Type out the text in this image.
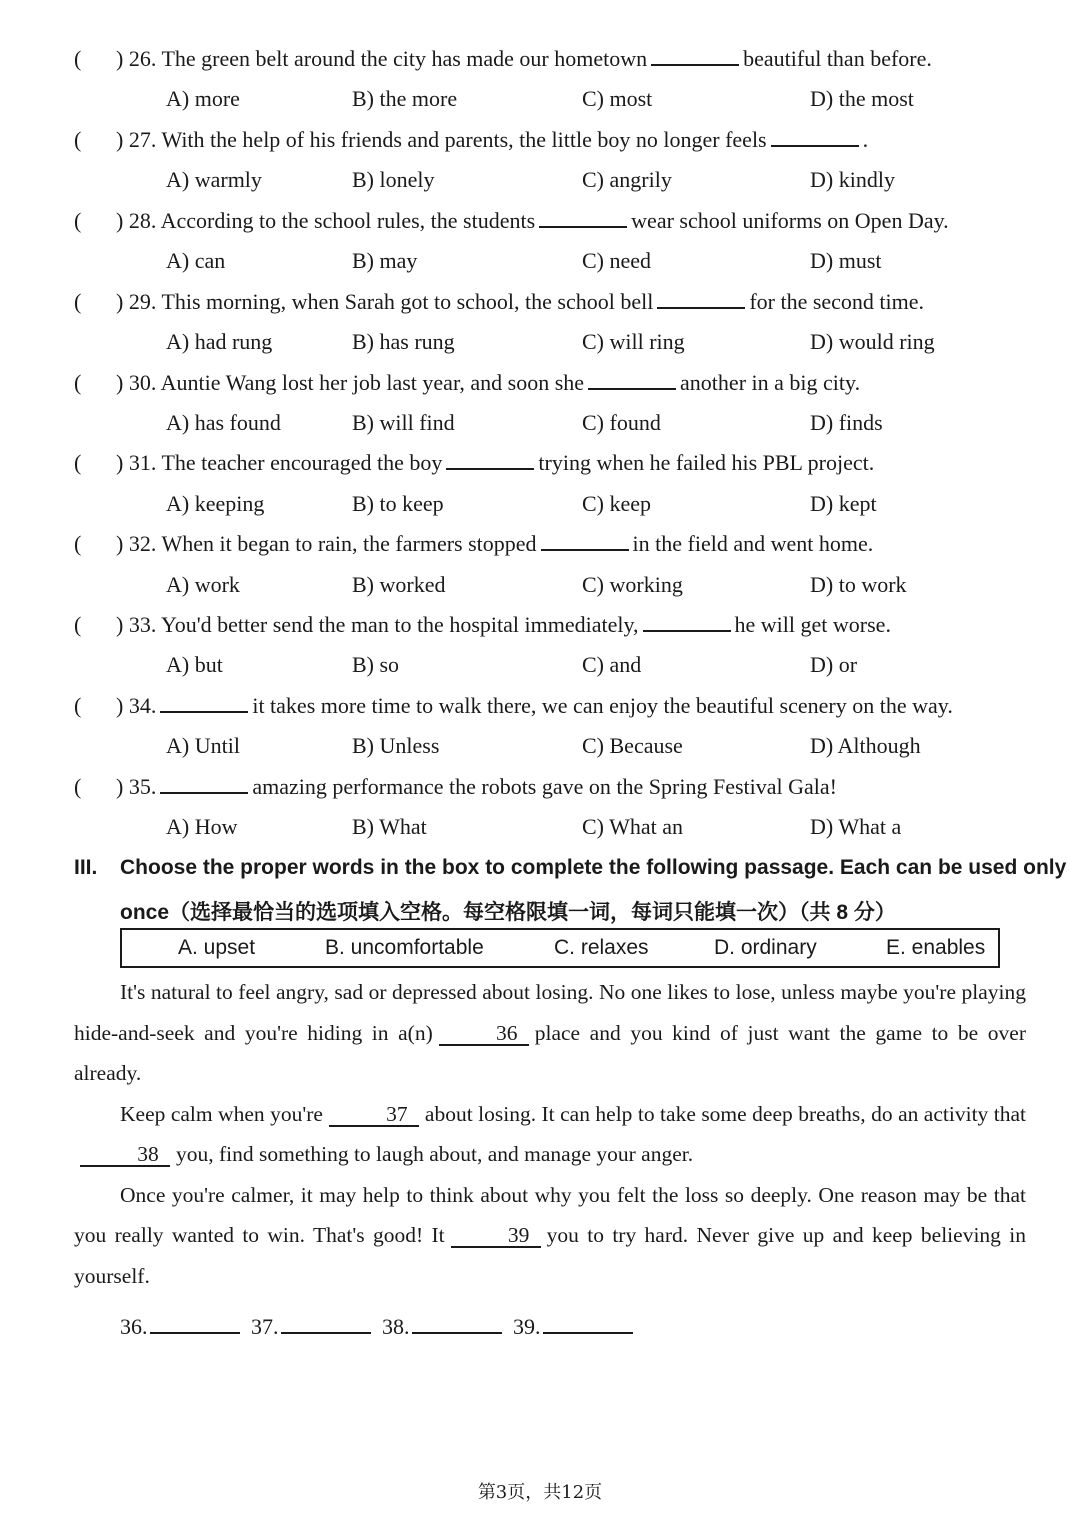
( ) 26. The green belt around the city has made our hometown	beautiful than before.
A) more	B) the more	C) most	D) the most
( ) 27. With the help of his friends and parents, the little boy no longer feels	.
A) warmly	B) lonely	C) angrily	D) kindly
( ) 28. According to the school rules, the students	wear school uniforms on Open Day.
A) can	B) may	C) need	D) must
( ) 29. This morning, when Sarah got to school, the school bell	for the second time.
A) had rung	B) has rung	C) will ring	D) would ring
( ) 30. Auntie Wang lost her job last year, and soon she	another in a big city.
A) has found	B) will find	C) found	D) finds
( ) 31. The teacher encouraged the boy	trying when he failed his PBL project.
A) keeping	B) to keep	C) keep	D) kept
( ) 32. When it began to rain, the farmers stopped	in the field and went home.
A) work	B) worked	C) working	D) to work
( ) 33. You'd better send the man to the hospital immediately,	he will get worse.
A) but	B) so	C) and	D) or
( ) 34.	it takes more time to walk there, we can enjoy the beautiful scenery on the way.
A) Until	B) Unless	C) Because	D) Although
( ) 35.	amazing performance the robots gave on the Spring Festival Gala!
A) How	B) What	C) What an	D) What a
III. Choose the proper words in the box to complete the following passage. Each can be used only
once（选择最恰当的选项填入空格。每空格限填一词，每词只能填一次）（共 8 分）
A. upset	B. uncomfortable	C. relaxes	D. ordinary	E. enables

It's natural to feel angry, sad or depressed about losing. No one likes to lose, unless maybe you're playing hide-and-seek and you're hiding in a(n)	36 place and you kind of just want the game to be over already.

Keep calm when you're	37 about losing. It can help to take some deep breaths, do an activity that38 you, find something to laugh about, and manage your anger.

Once you're calmer, it may help to think about why you felt the loss so deeply. One reason may be that you really wanted to win. That's good! It	39 you to try hard. Never give up and keep believing in yourself.

36.	37.	38.	39.
第3页，共12页
